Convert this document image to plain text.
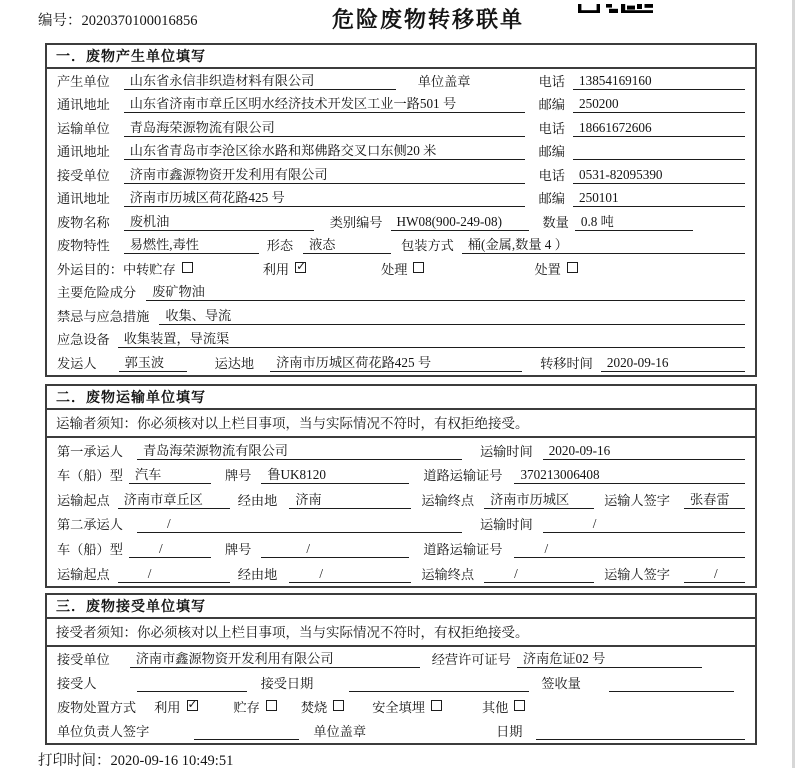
编号：2020370100016856	危险废物转移联单
一．废物产生单位填写
产生单位	山东省永信非织造材料有限公司	单位盖章	电话	13854169160
通讯地址	山东省济南市章丘区明水经济技术开发区工业一路501 号	邮编	250200
运输单位	青岛海荣源物流有限公司	电话	18661672606
通讯地址	山东省青岛市李沧区徐水路和郑佛路交叉口东侧20 米	邮编
接受单位	济南市鑫源物资开发利用有限公司	电话	0531-82095390
通讯地址	济南市历城区荷花路425 号	邮编	250101
废物名称	废机油	类别编号	HW08(900-249-08)	数量 0.8 吨
废物特性	易燃性,毒性	形态	液态	包装方式	桶(金属,数量 4 ）
外运目的： 中转贮存	利用 ✓	处理	处置
主要危险成分	废矿物油
禁忌与应急措施	收集、导流
应急设备	收集装置，导流渠
发运人	郭玉波	运达地	济南市历城区荷花路425 号	转移时间	2020-09-16
二．废物运输单位填写
运输者须知：你必须核对以上栏目事项，当与实际情况不符时，有权拒绝接受。
第一承运人	青岛海荣源物流有限公司	运输时间	2020-09-16
车（船）型 汽车	牌号	鲁UK8120	道路运输证号	370213006408
运输起点	济南市章丘区	经由地	济南	运输终点	济南市历城区	运输人签字	张春雷
第二承运人	/	运输时间	/
车（船）型	/	牌号	/	道路运输证号	/
运输起点	/	经由地	/	运输终点	/	运输人签字	/
三．废物接受单位填写
接受者须知：你必须核对以上栏目事项，当与实际情况不符时，有权拒绝接受。
接受单位	济南市鑫源物资开发利用有限公司	经营许可证号 济南危证02 号
接受人	接受日期	签收量
废物处置方式 利用 ✓	贮存	焚烧	安全填埋	其他
单位负责人签字	单位盖章	日期
打印时间：2020-09-16 10:49:51
